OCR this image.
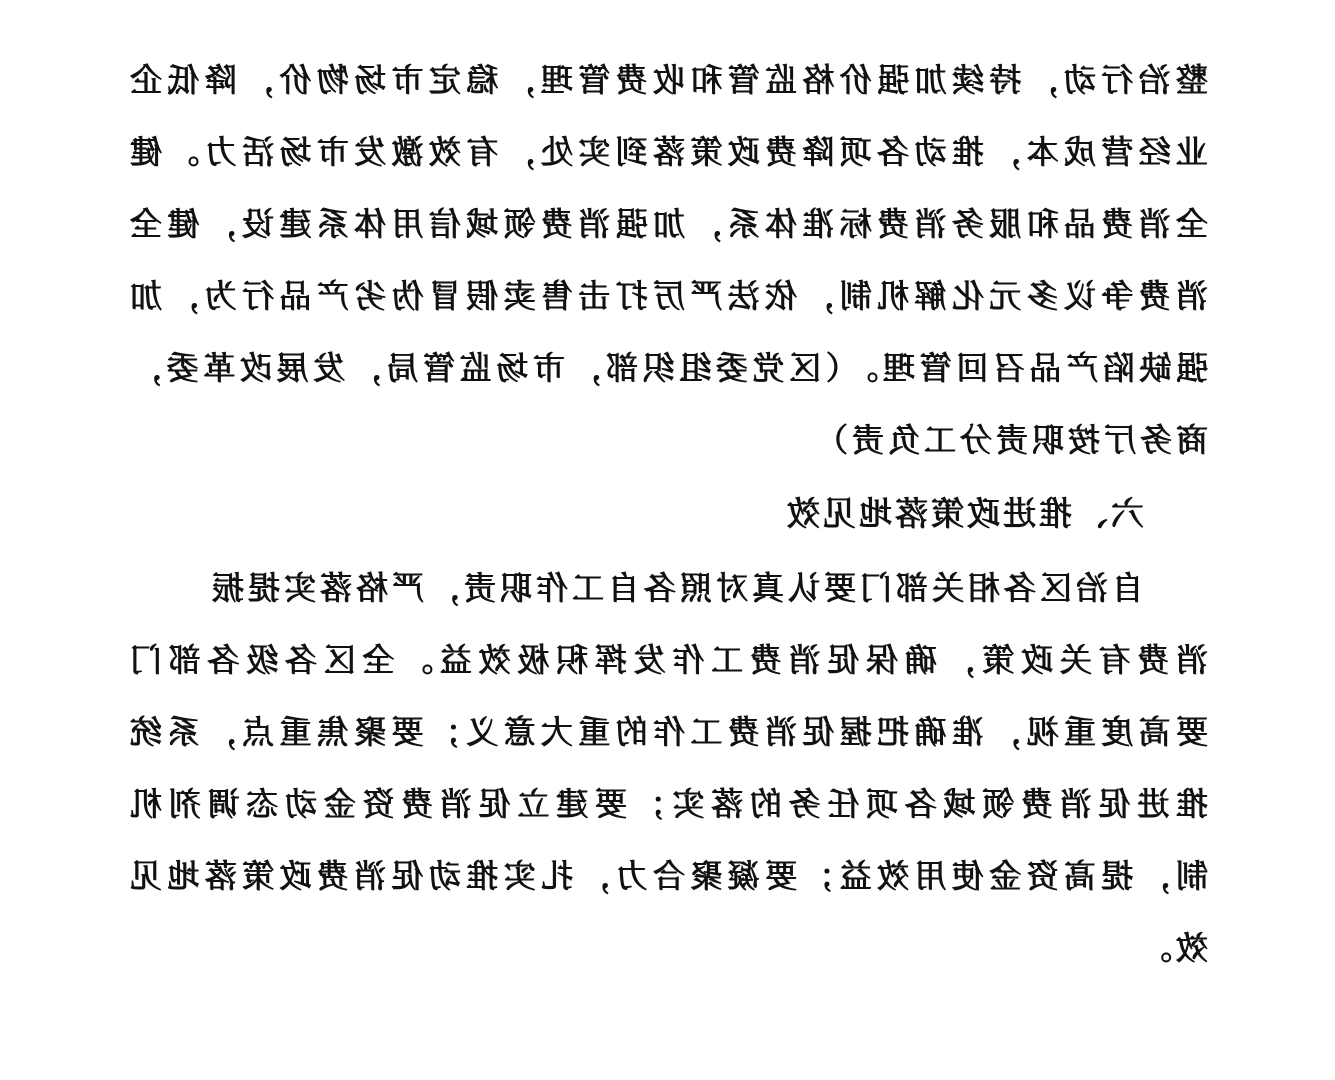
整治行动，持续加强价格监管和收费管理，稳定市场物价，降低企
业经营成本，推动各项降费政策落到实处，有效激发市场活力。健
全消费品和服务消费标准体系，加强消费领域信用体系建设，健全
消费争议多元化解机制，依法严厉打击售卖假冒伪劣产品行为，加
强缺陷产品召回管理。（区党委组织部，市场监管局，发展改革委，
商务厅按职责分工负责）
六、推进政策落地见效
自治区各相关部门要认真对照各自工作职责，严格落实提振
消费有关政策，确保促消费工作发挥积极效益。全区各级各部门
要高度重视，准确把握促消费工作的重大意义；要聚焦重点，系统
推进促消费领域各项任务的落实；要建立促消费资金动态调剂机
制，提高资金使用效益；要凝聚合力，扎实推动促消费政策落地见
效。
